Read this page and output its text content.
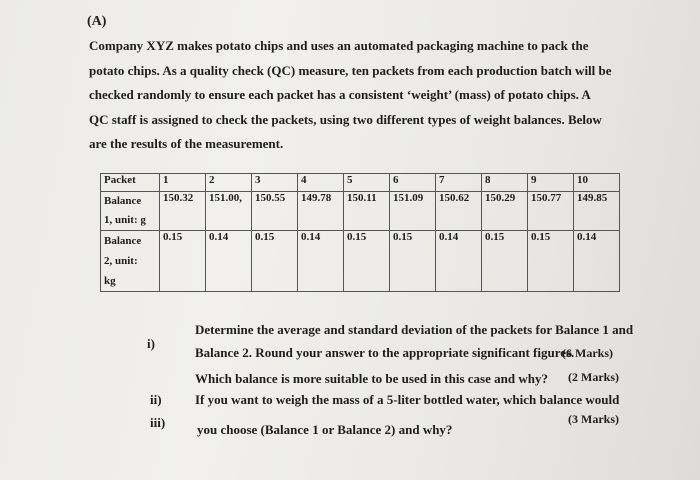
(A)
Company XYZ makes potato chips and uses an automated packaging machine to pack the
potato chips. As a quality check (QC) measure, ten packets from each production batch will be
checked randomly to ensure each packet has a consistent ‘weight’ (mass) of potato chips. A
QC staff is assigned to check the packets, using two different types of weight balances. Below
are the results of the measurement.
Packet	1	2	3	4	5	6	7	8	9	10

Balance
1, unit: g	150.32	151.00,	150.55	149.78	150.11	151.09	150.62	150.29	150.77	149.85

Balance
2, unit:
kg	0.15	0.14	0.15	0.14	0.15	0.15	0.14	0.15	0.15	0.14
i)
Determine the average and standard deviation of the packets for Balance 1 and
Balance 2. Round your answer to the appropriate significant figures.
(6 Marks)
ii)
Which balance is more suitable to be used in this case and why? (2 Marks)
iii)
If you want to weigh the mass of a 5-liter bottled water, which balance would
you choose (Balance 1 or Balance 2) and why?
(3 Marks)
